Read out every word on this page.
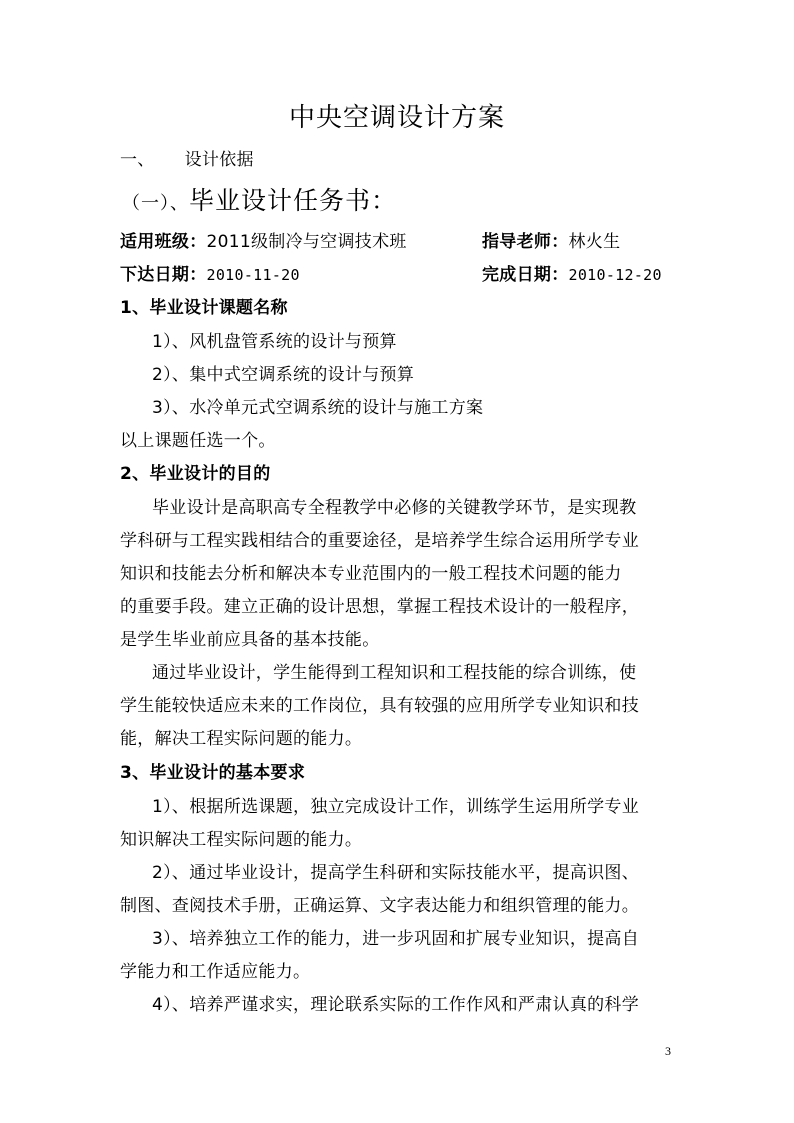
中央空调设计方案
一、 设计依据
（一）、毕业设计任务书：
适用班级：2011级制冷与空调技术班	指导老师：林火生
下达日期：2010-11-20	完成日期：2010-12-20
1、毕业设计课题名称
1）、风机盘管系统的设计与预算
2）、集中式空调系统的设计与预算
3）、水冷单元式空调系统的设计与施工方案
以上课题任选一个。
2、毕业设计的目的
毕业设计是高职高专全程教学中必修的关键教学环节，是实现教
学科研与工程实践相结合的重要途径，是培养学生综合运用所学专业
知识和技能去分析和解决本专业范围内的一般工程技术问题的能力
的重要手段。建立正确的设计思想，掌握工程技术设计的一般程序，
是学生毕业前应具备的基本技能。
通过毕业设计，学生能得到工程知识和工程技能的综合训练，使
学生能较快适应未来的工作岗位，具有较强的应用所学专业知识和技
能，解决工程实际问题的能力。
3、毕业设计的基本要求
1）、根据所选课题，独立完成设计工作，训练学生运用所学专业
知识解决工程实际问题的能力。
2）、通过毕业设计，提高学生科研和实际技能水平，提高识图、
制图、查阅技术手册，正确运算、文字表达能力和组织管理的能力。
3）、培养独立工作的能力，进一步巩固和扩展专业知识，提高自
学能力和工作适应能力。
4）、培养严谨求实，理论联系实际的工作作风和严肃认真的科学
3
